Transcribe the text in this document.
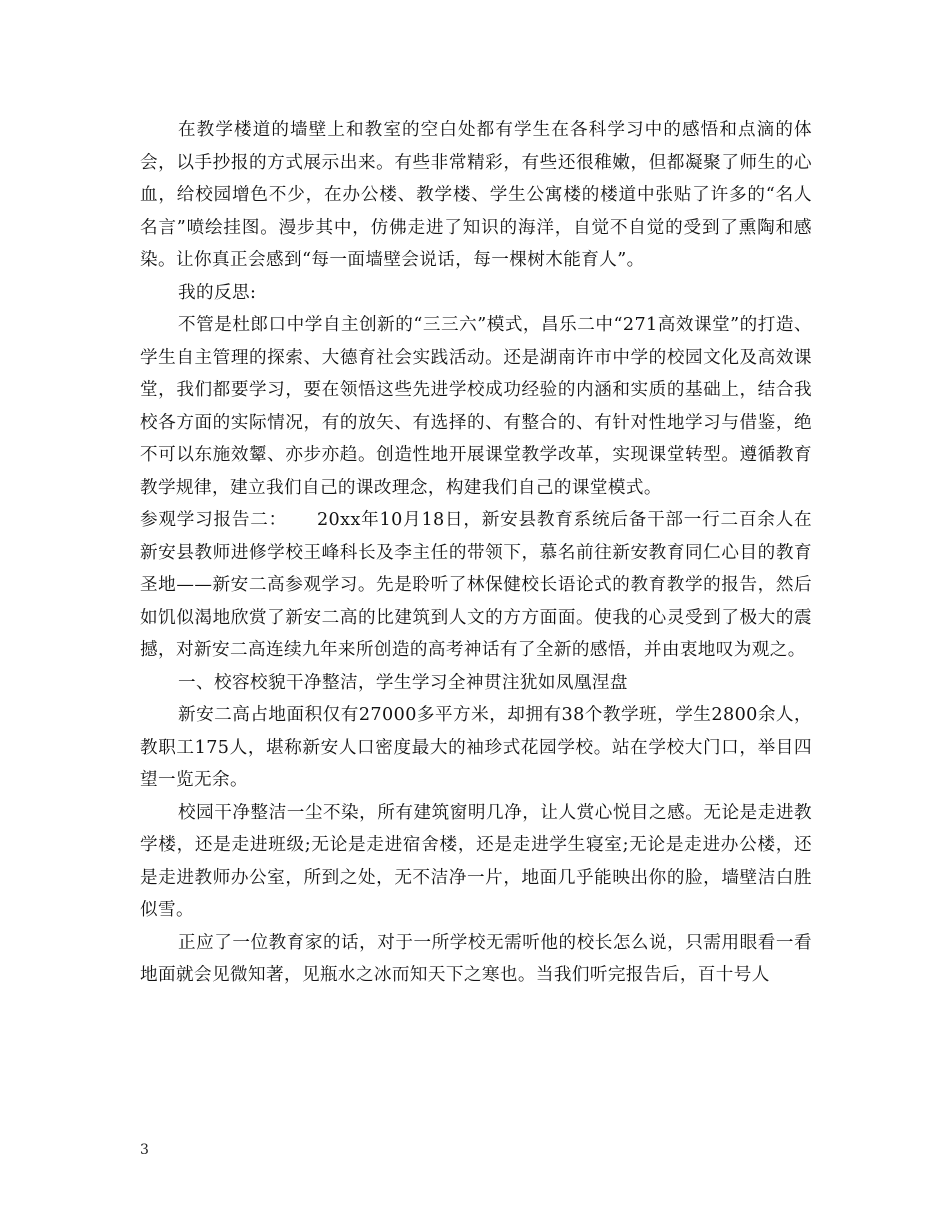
在教学楼道的墙壁上和教室的空白处都有学生在各科学习中的感悟和点滴的体会，以手抄报的方式展示出来。有些非常精彩，有些还很稚嫩，但都凝聚了师生的心血，给校园增色不少，在办公楼、教学楼、学生公寓楼的楼道中张贴了许多的“名人名言”喷绘挂图。漫步其中，仿佛走进了知识的海洋，自觉不自觉的受到了熏陶和感染。让你真正会感到“每一面墙壁会说话，每一棵树木能育人”。

我的反思:

不管是杜郎口中学自主创新的“三三六”模式，昌乐二中“271高效课堂”的打造、学生自主管理的探索、大德育社会实践活动。还是湖南许市中学的校园文化及高效课堂，我们都要学习，要在领悟这些先进学校成功经验的内涵和实质的基础上，结合我校各方面的实际情况，有的放矢、有选择的、有整合的、有针对性地学习与借鉴，绝不可以东施效颦、亦步亦趋。创造性地开展课堂教学改革，实现课堂转型。遵循教育教学规律，建立我们自己的课改理念，构建我们自己的课堂模式。

参观学习报告二： 20xx年10月18日，新安县教育系统后备干部一行二百余人在新安县教师进修学校王峰科长及李主任的带领下，慕名前往新安教育同仁心目的教育圣地——新安二高参观学习。先是聆听了林保健校长语论式的教育教学的报告，然后如饥似渴地欣赏了新安二高的比建筑到人文的方方面面。使我的心灵受到了极大的震撼，对新安二高连续九年来所创造的高考神话有了全新的感悟，并由衷地叹为观之。

一、校容校貌干净整洁，学生学习全神贯注犹如凤凰涅盘

新安二高占地面积仅有27000多平方米，却拥有38个教学班，学生2800余人，教职工175人，堪称新安人口密度最大的袖珍式花园学校。站在学校大门口，举目四望一览无余。

校园干净整洁一尘不染，所有建筑窗明几净，让人赏心悦目之感。无论是走进教学楼，还是走进班级;无论是走进宿舍楼，还是走进学生寝室;无论是走进办公楼，还是走进教师办公室，所到之处，无不洁净一片，地面几乎能映出你的脸，墙壁洁白胜似雪。

正应了一位教育家的话，对于一所学校无需听他的校长怎么说，只需用眼看一看地面就会见微知著，见瓶水之冰而知天下之寒也。当我们听完报告后，百十号人

3
